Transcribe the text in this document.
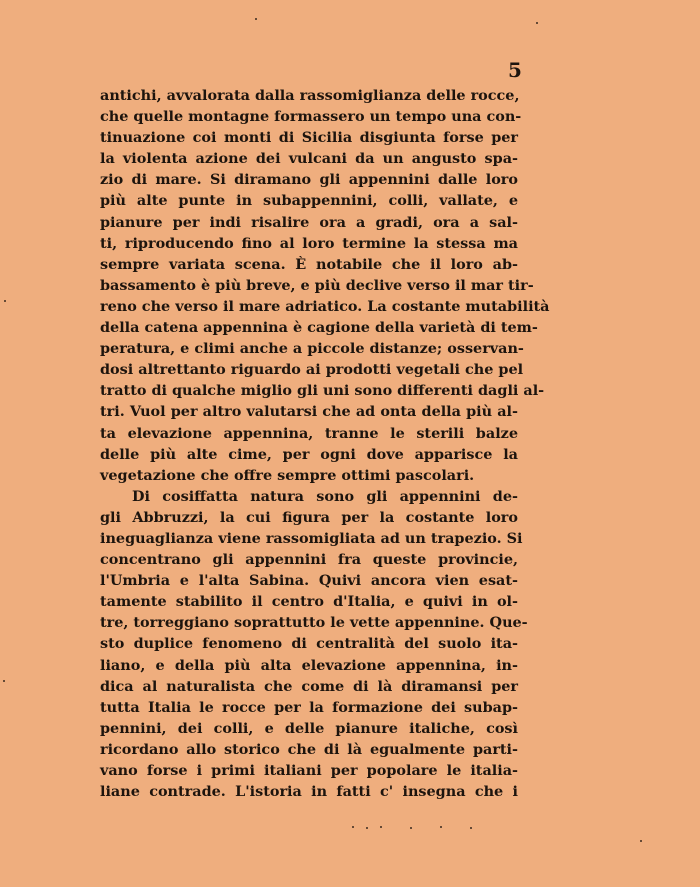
5

antichi, avvalorata dalla rassomiglianza delle rocce,

che quelle montagne formassero un tempo una con-

tinuazione coi monti di Sicilia disgiunta forse per

la violenta azione dei vulcani da un angusto spa-

zio di mare. Si diramano gli appennini dalle loro

più alte punte in subappennini, colli, vallate, e

pianure per indi risalire ora a gradi, ora a sal-

ti, riproducendo fino al loro termine la stessa ma

sempre variata scena. È notabile che il loro ab-

bassamento è più breve, e più declive verso il mar tir-

reno che verso il mare adriatico. La costante mutabilità

della catena appennina è cagione della varietà di tem-

peratura, e climi anche a piccole distanze; osservan-

dosi altrettanto riguardo ai prodotti vegetali che pel

tratto di qualche miglio gli uni sono differenti dagli al-

tri. Vuol per altro valutarsi che ad onta della più al-

ta elevazione appennina, tranne le sterili balze

delle più alte cime, per ogni dove apparisce la

vegetazione che offre sempre ottimi pascolari.

Di cosiffatta natura sono gli appennini de-

gli Abbruzzi, la cui figura per la costante loro

ineguaglianza viene rassomigliata ad un trapezio. Si

concentrano gli appennini fra queste provincie,

l'Umbria e l'alta Sabina. Quivi ancora vien esat-

tamente stabilito il centro d'Italia, e quivi in ol-

tre, torreggiano soprattutto le vette appennine. Que-

sto duplice fenomeno di centralità del suolo ita-

liano, e della più alta elevazione appennina, in-

dica al naturalista che come di là diramansi per

tutta Italia le rocce per la formazione dei subap-

pennini, dei colli, e delle pianure italiche, così

ricordano allo storico che di là egualmente parti-

vano forse i primi italiani per popolare le italia-

liane contrade. L'istoria in fatti c' insegna che i
